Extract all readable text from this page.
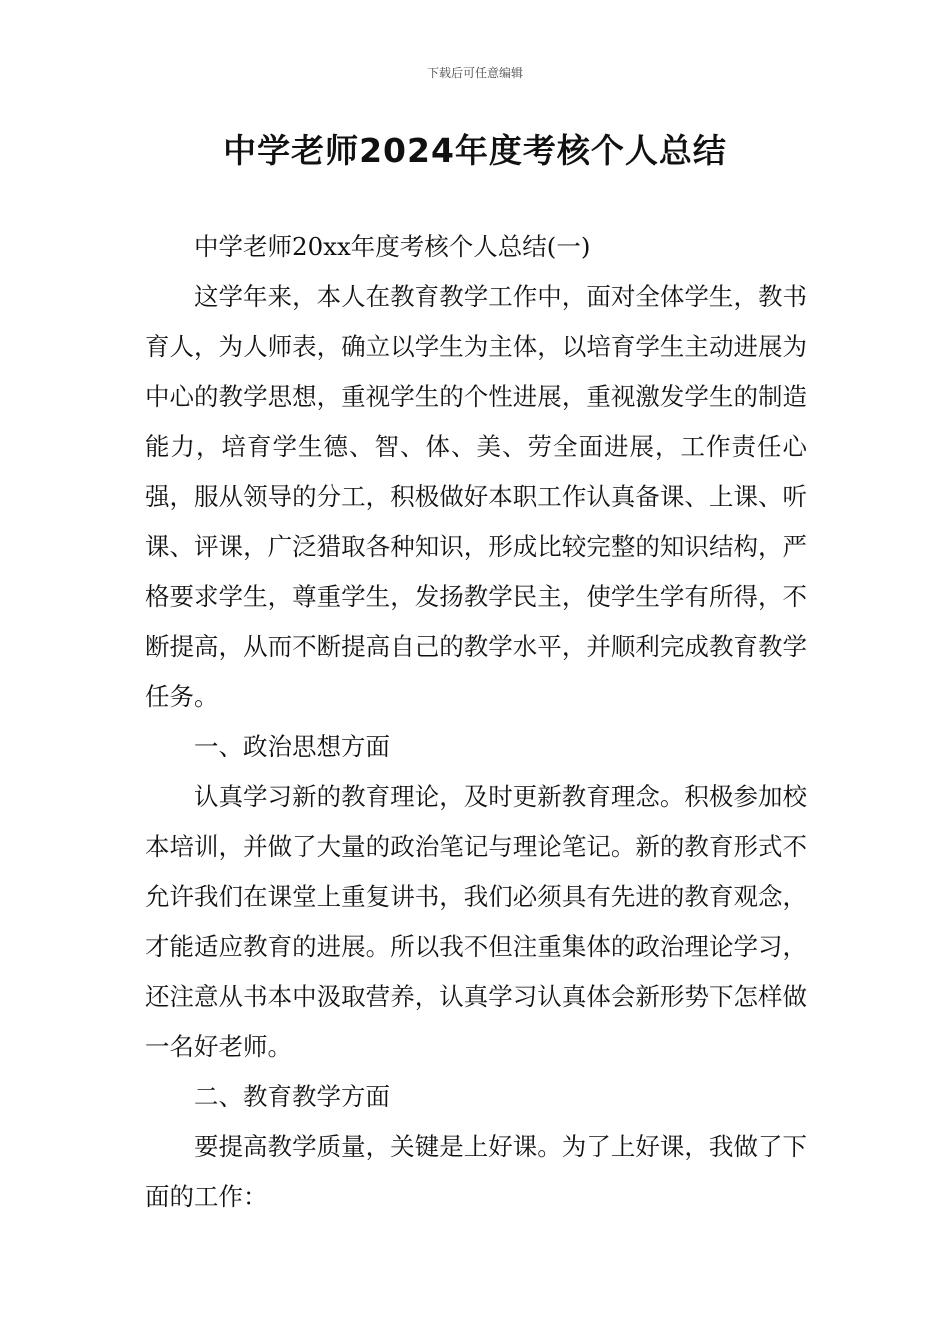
下载后可任意编辑
中学老师2024年度考核个人总结

中学老师20xx年度考核个人总结(一)

这学年来，本人在教育教学工作中，面对全体学生，教书育人，为人师表，确立以学生为主体，以培育学生主动进展为中心的教学思想，重视学生的个性进展，重视激发学生的制造能力，培育学生德、智、体、美、劳全面进展，工作责任心强，服从领导的分工，积极做好本职工作认真备课、上课、听课、评课，广泛猎取各种知识，形成比较完整的知识结构，严格要求学生，尊重学生，发扬教学民主，使学生学有所得，不断提高，从而不断提高自己的教学水平，并顺利完成教育教学任务。

一、政治思想方面

认真学习新的教育理论，及时更新教育理念。积极参加校本培训，并做了大量的政治笔记与理论笔记。新的教育形式不允许我们在课堂上重复讲书，我们必须具有先进的教育观念，才能适应教育的进展。所以我不但注重集体的政治理论学习，还注意从书本中汲取营养，认真学习认真体会新形势下怎样做一名好老师。

二、教育教学方面

要提高教学质量，关键是上好课。为了上好课，我做了下面的工作：
